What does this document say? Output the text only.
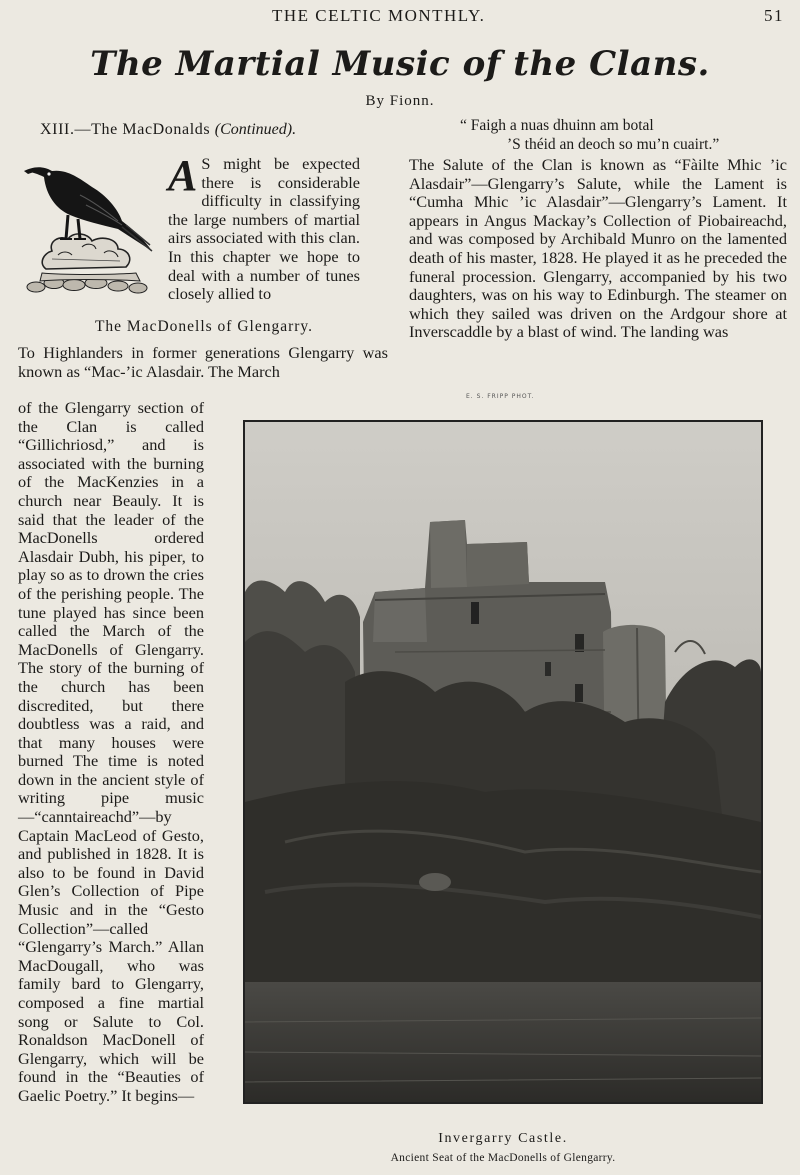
THE CELTIC MONTHLY.	51
The Martial Music of the Clans.
By Fionn.
XIII.—The MacDonalds (Continued).
A S might be expected there is considerable difficulty in classifying the large numbers of martial airs associated with this clan. In this chapter we hope to deal with a number of tunes closely allied to
The MacDonells of Glengarry.

To Highlanders in former generations Glengarry was known as “Mac-’ic Alasdair. The March

of the Glengarry section of the Clan is called “Gillichriosd,” and is associated with the burning of the MacKenzies in a church near Beauly. It is said that the leader of the MacDonells ordered Alasdair Dubh, his piper, to play so as to drown the cries of the perishing people. The tune played has since been called the March of the MacDonells of Glengarry. The story of the burning of the church has been discredited, but there doubtless was a raid, and that many houses were burned The time is noted down in the ancient style of writing pipe music—“canntaireachd”—by Captain MacLeod of Gesto, and published in 1828. It is also to be found in David Glen’s Collection of Pipe Music and in the “Gesto Collection”—called “Glengarry’s March.” Allan MacDougall, who was family bard to Glengarry, composed a fine martial song or Salute to Col. Ronaldson MacDonell of Glengarry, which will be found in the “Beauties of Gaelic Poetry.” It begins—

“ Faigh a nuas dhuinn am botal
’S théid an deoch so mu’n cuairt.”

The Salute of the Clan is known as “Fàilte Mhic ’ic Alasdair”—Glengarry’s Salute, while the Lament is “Cumha Mhic ’ic Alasdair”—Glengarry’s Lament. It appears in Angus Mackay’s Collection of Piobaireachd, and was composed by Archibald Munro on the lamented death of his master, 1828. He played it as he preceded the funeral procession. Glengarry, accompanied by his two daughters, was on his way to Edinburgh. The steamer on which they sailed was driven on the Ardgour shore at Inverscaddle by a blast of wind. The landing was

E. S. FRIPP PHOT.
Invergarry Castle.
Ancient Seat of the MacDonells of Glengarry.
